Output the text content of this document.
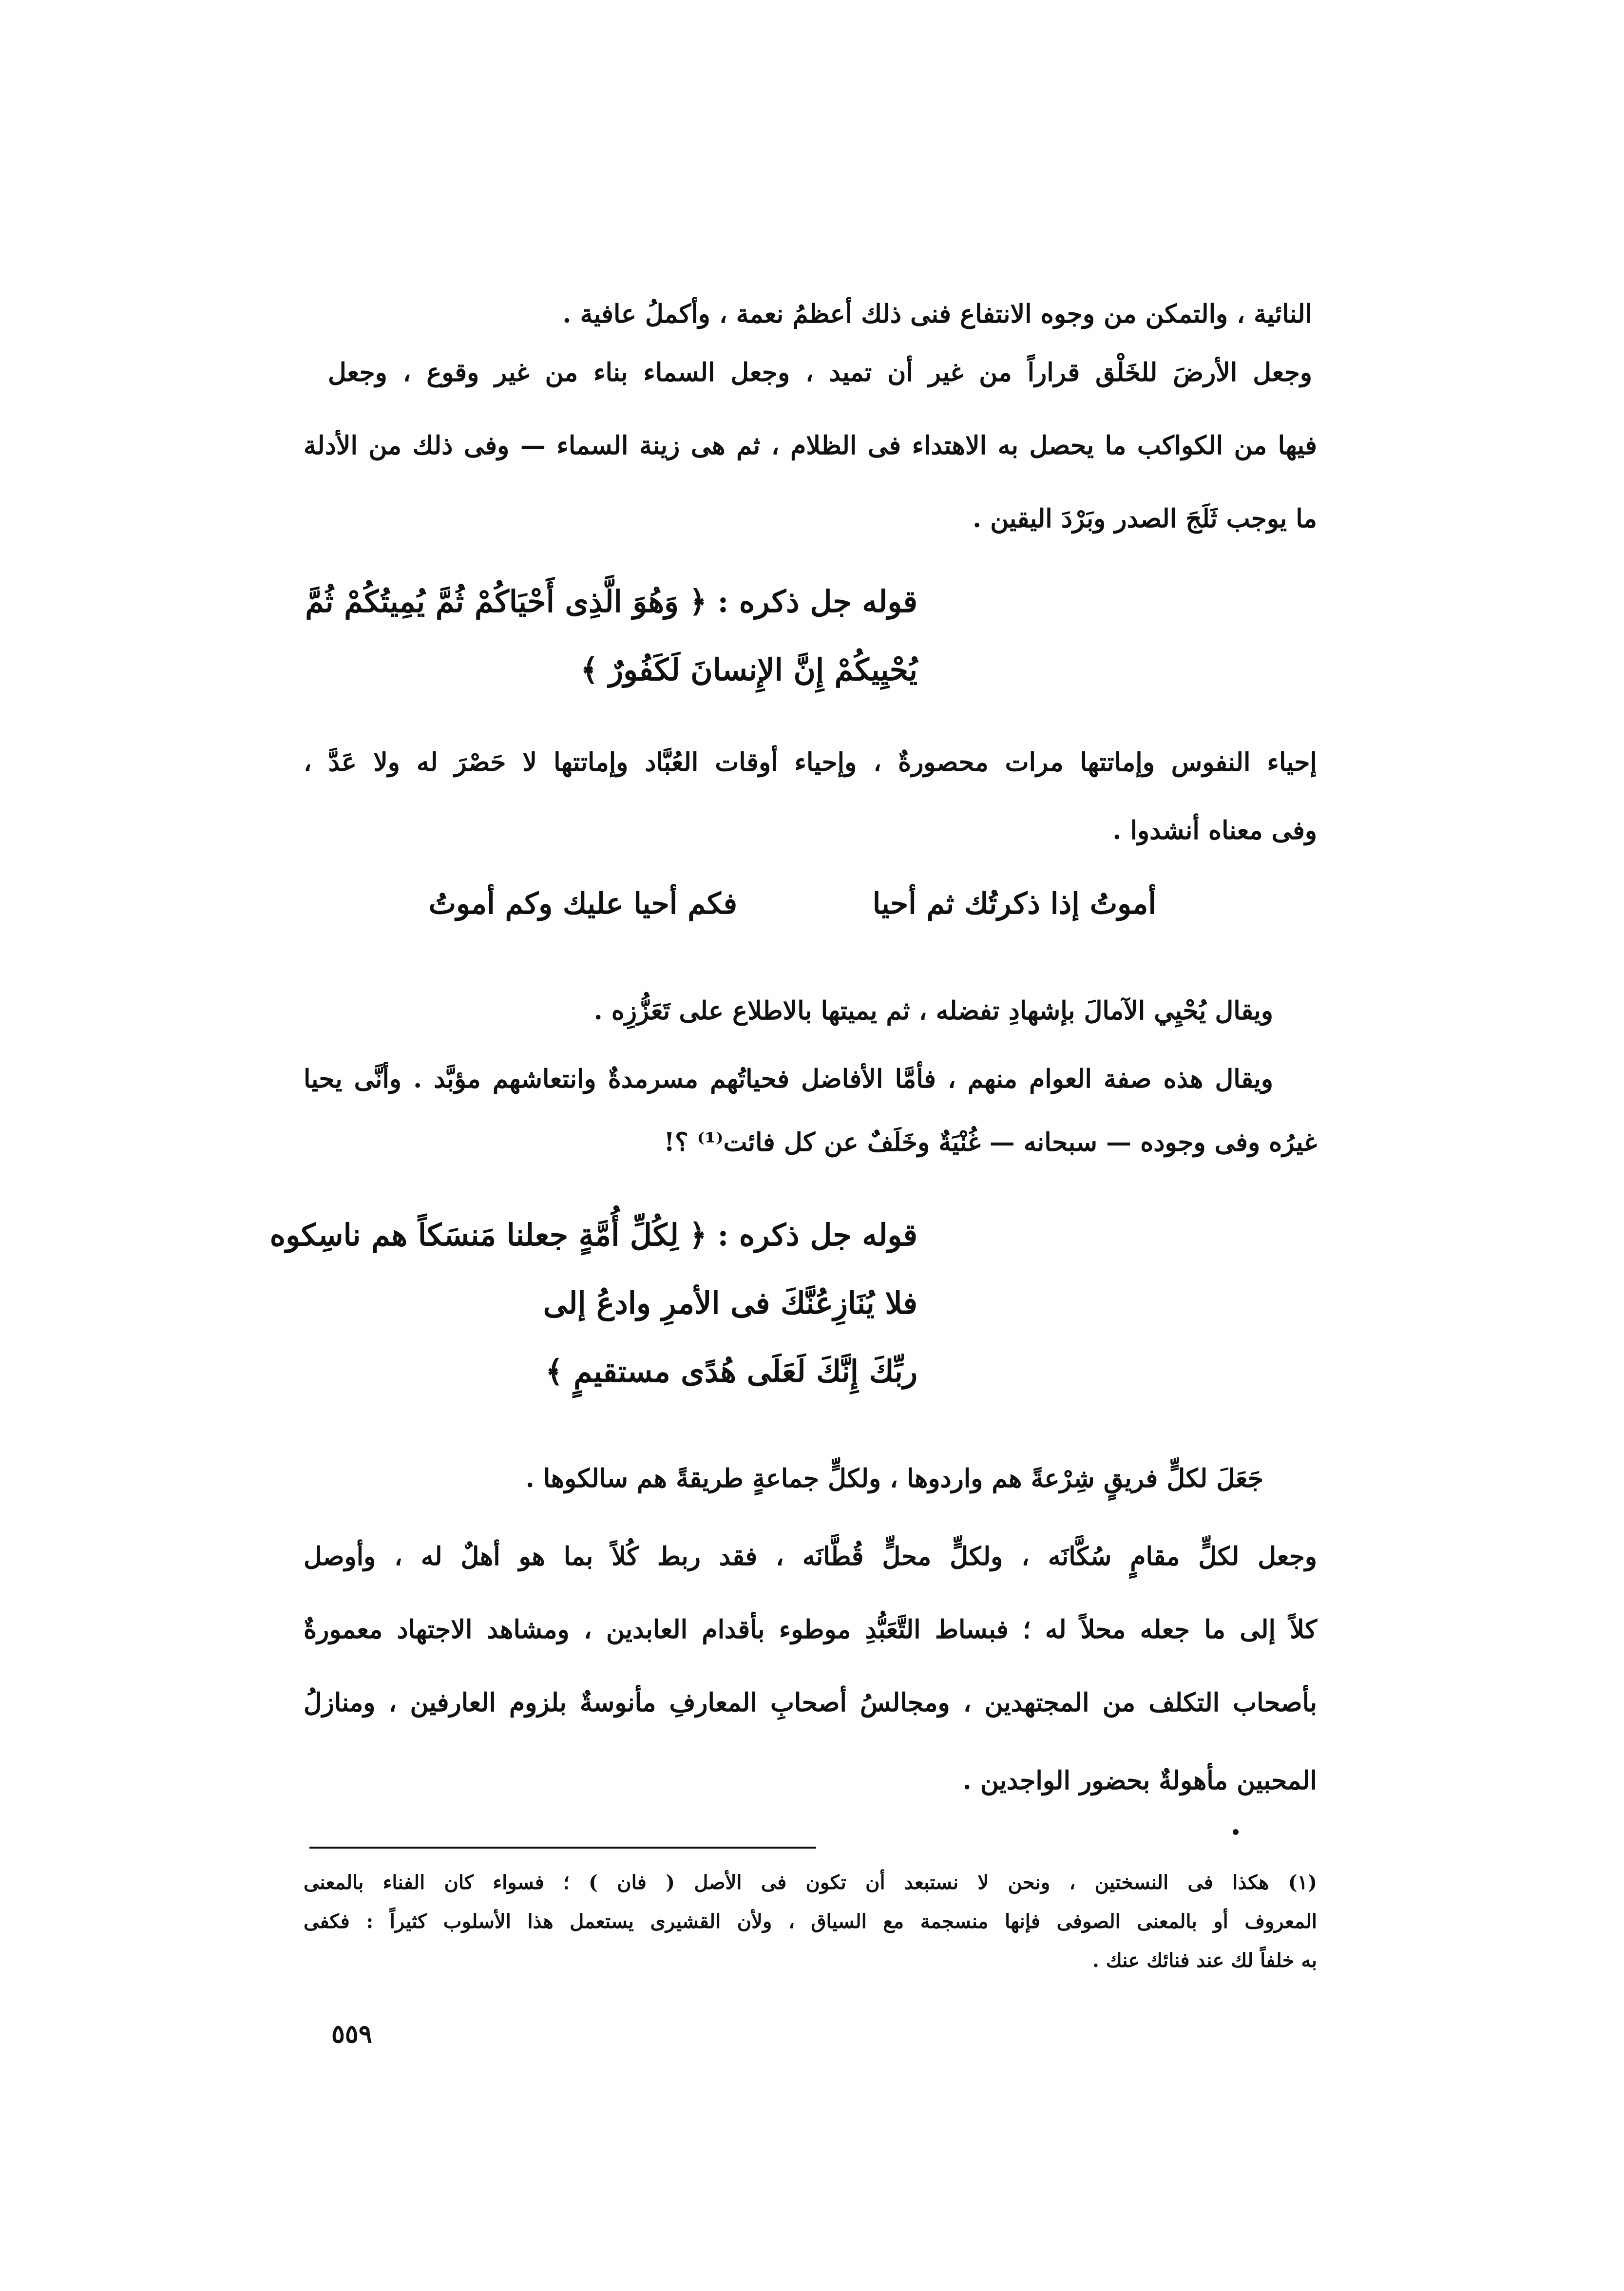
النائية ، والتمكن من وجوه الانتفاع فنى ذلك أعظمُ نعمة ، وأكملُ عافية .
وجعل الأرضَ للخَلْق قراراً من غير أن تميد ، وجعل السماء بناء من غير وقوع ، وجعل
فيها من الكواكب ما يحصل به الاهتداء فى الظلام ، ثم هى زينة السماء — وفى ذلك من الأدلة
ما يوجب ثَلَجَ الصدر وبَرْدَ اليقين .
قوله جل ذكره : ﴿ وَهُوَ الَّذِى أَحْيَاكُمْ ثُمَّ يُمِيتُكُمْ ثُمَّ
يُحْيِيكُمْ إِنَّ الإِنسانَ لَكَفُورٌ ﴾
إحياء النفوس وإماتتها مرات محصورةٌ ، وإحياء أوقات العُبَّاد وإماتتها لا حَصْرَ له ولا عَدَّ ،
وفى معناه أنشدوا .
أموتُ إذا ذكرتُك ثم أحيا
فكم أحيا عليك وكم أموتُ
ويقال يُحْيِي الآمالَ بإشهادِ تفضله ، ثم يميتها بالاطلاع على تَعَزُّزِه .
ويقال هذه صفة العوام منهم ، فأمَّا الأفاضل فحياتُهم مسرمدةٌ وانتعاشهم مؤبَّد . وأنَّى يحيا
غيرُه وفى وجوده — سبحانه — غُنْيَةٌ وخَلَفٌ عن كل فائت⁽¹⁾ ؟!
قوله جل ذكره : ﴿ لِكُلِّ أُمَّةٍ جعلنا مَنسَكاً هم ناسِكوه
فلا يُنَازِعُنَّكَ فى الأمرِ وادعُ إلى
ربِّكَ إِنَّكَ لَعَلَى هُدًى مستقيمٍ ﴾
جَعَلَ لكلٍّ فريقٍ شِرْعةً هم واردوها ، ولكلٍّ جماعةٍ طريقةً هم سالكوها .
وجعل لكلٍّ مقامٍ سُكَّانَه ، ولكلٍّ محلٍّ قُطَّانَه ، فقد ربط كُلاً بما هو أهلٌ له ، وأوصل
كلاً إلى ما جعله محلاً له ؛ فبساط التَّعَبُّدِ موطوء بأقدام العابدين ، ومشاهد الاجتهاد معمورةٌ
بأصحاب التكلف من المجتهدين ، ومجالسُ أصحابِ المعارفِ مأنوسةٌ بلزوم العارفين ، ومنازلُ
المحبين مأهولةٌ بحضور الواجدين .
(١) هكذا فى النسختين ، ونحن لا نستبعد أن تكون فى الأصل ( فان ) ؛ فسواء كان الفناء بالمعنى
المعروف أو بالمعنى الصوفى فإنها منسجمة مع السياق ، ولأن القشيرى يستعمل هذا الأسلوب كثيراً : فكفى
به خلفاً لك عند فنائك عنك .
٥٥٩
